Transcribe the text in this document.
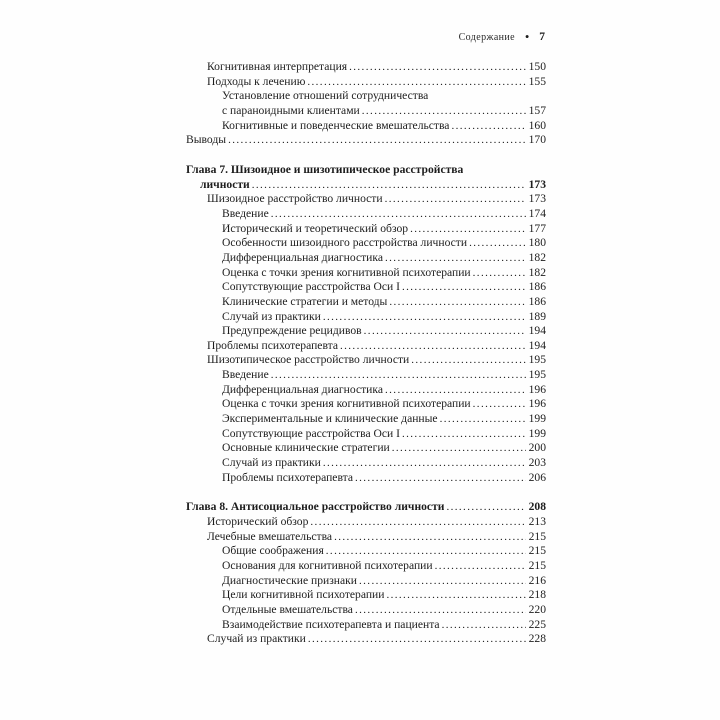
Содержание ● 7
Когнитивная интерпретация .....	150
Подходы к лечению .....	155
Установление отношений сотрудничества
с параноидными клиентами .....	157
Когнитивные и поведенческие вмешательства .....	160
Выводы .....	170
Глава 7. Шизоидное и шизотипическое расстройства
личности .....	173
Шизоидное расстройство личности .....	173
Введение .....	174
Исторический и теоретический обзор .....	177
Особенности шизоидного расстройства личности .....	180
Дифференциальная диагностика .....	182
Оценка с точки зрения когнитивной психотерапии .....	182
Сопутствующие расстройства Оси I .....	186
Клинические стратегии и методы .....	186
Случай из практики .....	189
Предупреждение рецидивов .....	194
Проблемы психотерапевта .....	194
Шизотипическое расстройство личности .....	195
Введение .....	195
Дифференциальная диагностика .....	196
Оценка с точки зрения когнитивной психотерапии .....	196
Экспериментальные и клинические данные .....	199
Сопутствующие расстройства Оси I .....	199
Основные клинические стратегии .....	200
Случай из практики .....	203
Проблемы психотерапевта .....	206
Глава 8. Антисоциальное расстройство личности .....	208
Исторический обзор .....	213
Лечебные вмешательства .....	215
Общие соображения .....	215
Основания для когнитивной психотерапии .....	215
Диагностические признаки .....	216
Цели когнитивной психотерапии .....	218
Отдельные вмешательства .....	220
Взаимодействие психотерапевта и пациента .....	225
Случай из практики .....	228
